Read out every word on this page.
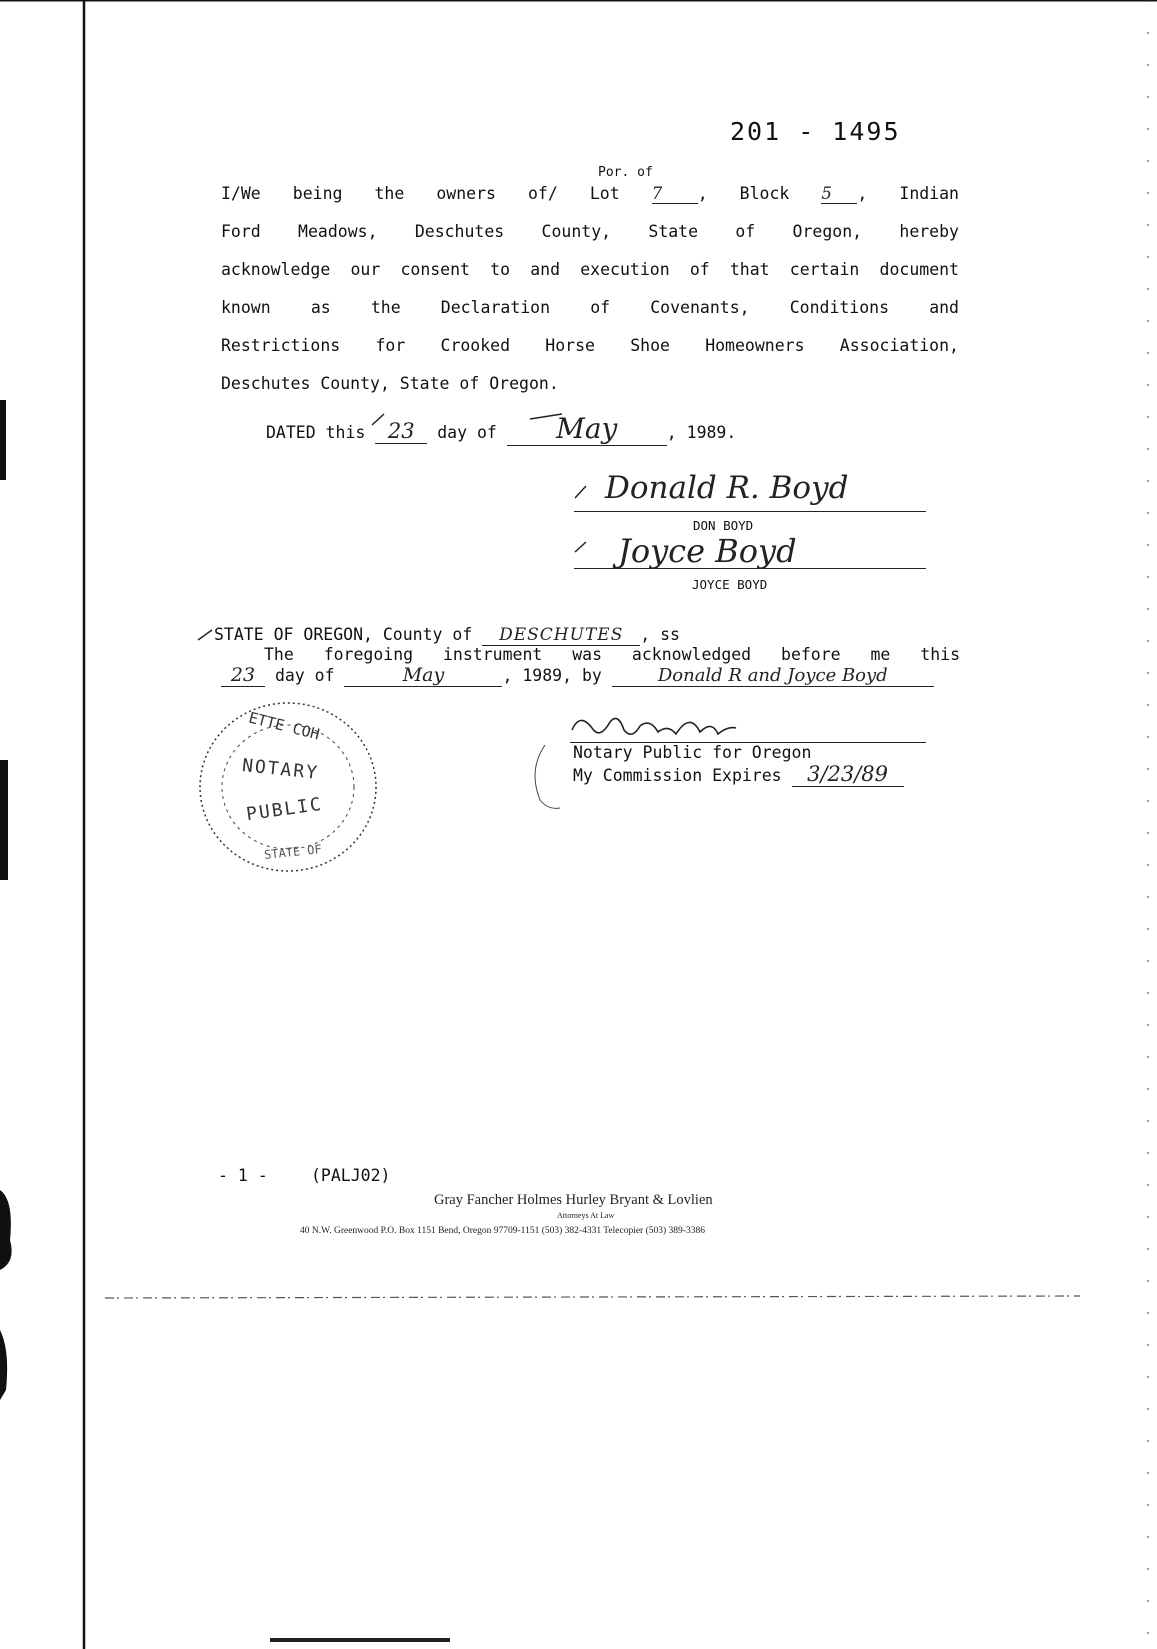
201 - 1495
Por. of
I/We being the owners of/ Lot 7 , Block 5 , Indian
Ford Meadows, Deschutes County, State of Oregon, hereby
acknowledge our consent to and execution of that certain document
known as the Declaration of Covenants, Conditions and
Restrictions for Crooked Horse Shoe Homeowners Association,
Deschutes County, State of Oregon.
DATED this 23 day of May	, 1989.
Donald R. Boyd
DON BOYD
Joyce Boyd
JOYCE BOYD
STATE OF OREGON, County of DESCHUTES , ss
The foregoing instrument was acknowledged before me this
23 day of	May	, 1989, by	Donald R and Joyce Boyd
Notary Public for Oregon
My Commission Expires 3/23/89
ETTE COH
NOTARY
PUBLIC
STATE OF
- 1 -	(PALJ02)
Gray Fancher Holmes Hurley Bryant & Lovlien
Attorneys At Law
40 N.W. Greenwood P.O. Box 1151 Bend, Oregon 97709-1151 (503) 382-4331 Telecopier (503) 389-3386
